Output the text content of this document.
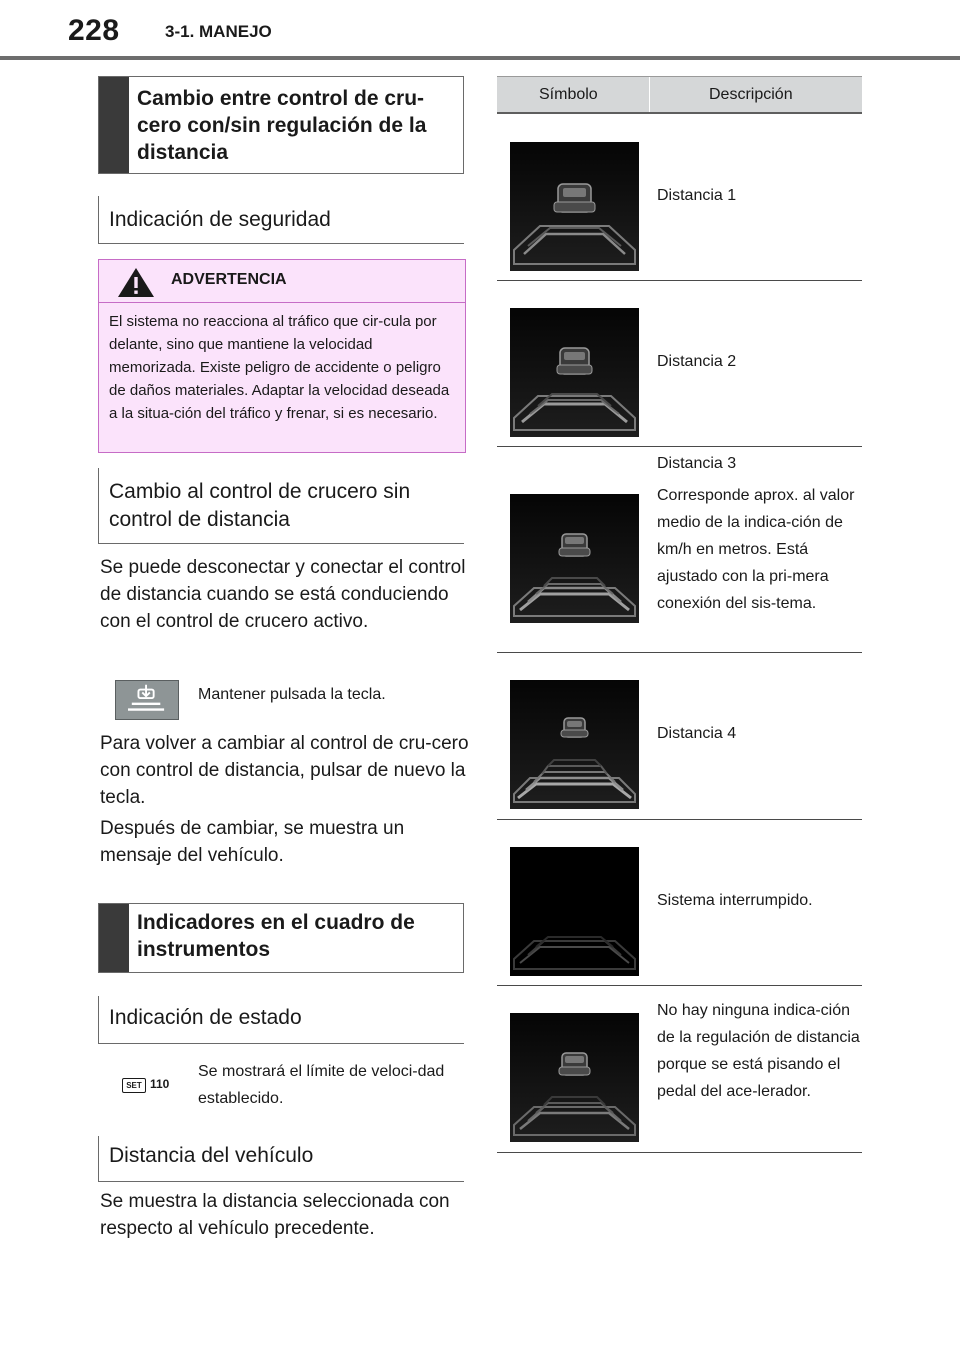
228	3-1. MANEJO
Cambio entre control de cru-cero con/sin regulación de la distancia
Indicación de seguridad
ADVERTENCIA
El sistema no reacciona al tráfico que cir-cula por delante, sino que mantiene la velocidad memorizada. Existe peligro de accidente o peligro de daños materiales. Adaptar la velocidad deseada a la situa-ción del tráfico y frenar, si es necesario.
Cambio al control de crucero sin control de distancia
Se puede desconectar y conectar el control de distancia cuando se está conduciendo con el control de crucero activo.
Mantener pulsada la tecla.
Para volver a cambiar al control de cru-cero con control de distancia, pulsar de nuevo la tecla.
Después de cambiar, se muestra un mensaje del vehículo.
Indicadores en el cuadro de instrumentos
Indicación de estado
SET 110
Se mostrará el límite de veloci-dad establecido.
Distancia del vehículo
Se muestra la distancia seleccionada con respecto al vehículo precedente.
Símbolo	Descripción
Distancia 1
Distancia 2
Distancia 3
Corresponde aprox. al valor medio de la indica-ción de km/h en metros. Está ajustado con la pri-mera conexión del sis-tema.
Distancia 4
Sistema interrumpido.
No hay ninguna indica-ción de la regulación de distancia porque se está pisando el pedal del ace-lerador.
